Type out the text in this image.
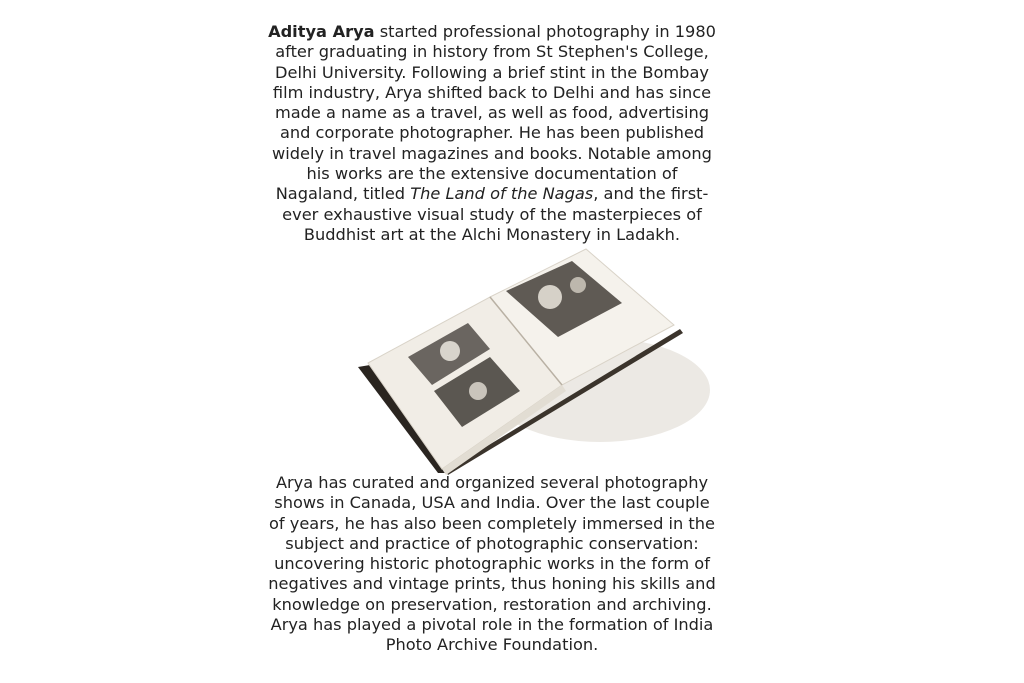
Aditya Arya started professional photography in 1980
after graduating in history from St Stephen's College,
Delhi University. Following a brief stint in the Bombay
film industry, Arya shifted back to Delhi and has since
made a name as a travel, as well as food, advertising
and corporate photographer. He has been published
widely in travel magazines and books. Notable among
his works are the extensive documentation of
Nagaland, titled The Land of the Nagas, and the first-
ever exhaustive visual study of the masterpieces of
Buddhist art at the Alchi Monastery in Ladakh.

Arya has curated and organized several photography
shows in Canada, USA and India. Over the last couple
of years, he has also been completely immersed in the
subject and practice of photographic conservation:
uncovering historic photographic works in the form of
negatives and vintage prints, thus honing his skills and
knowledge on preservation, restoration and archiving.
Arya has played a pivotal role in the formation of India
Photo Archive Foundation.
